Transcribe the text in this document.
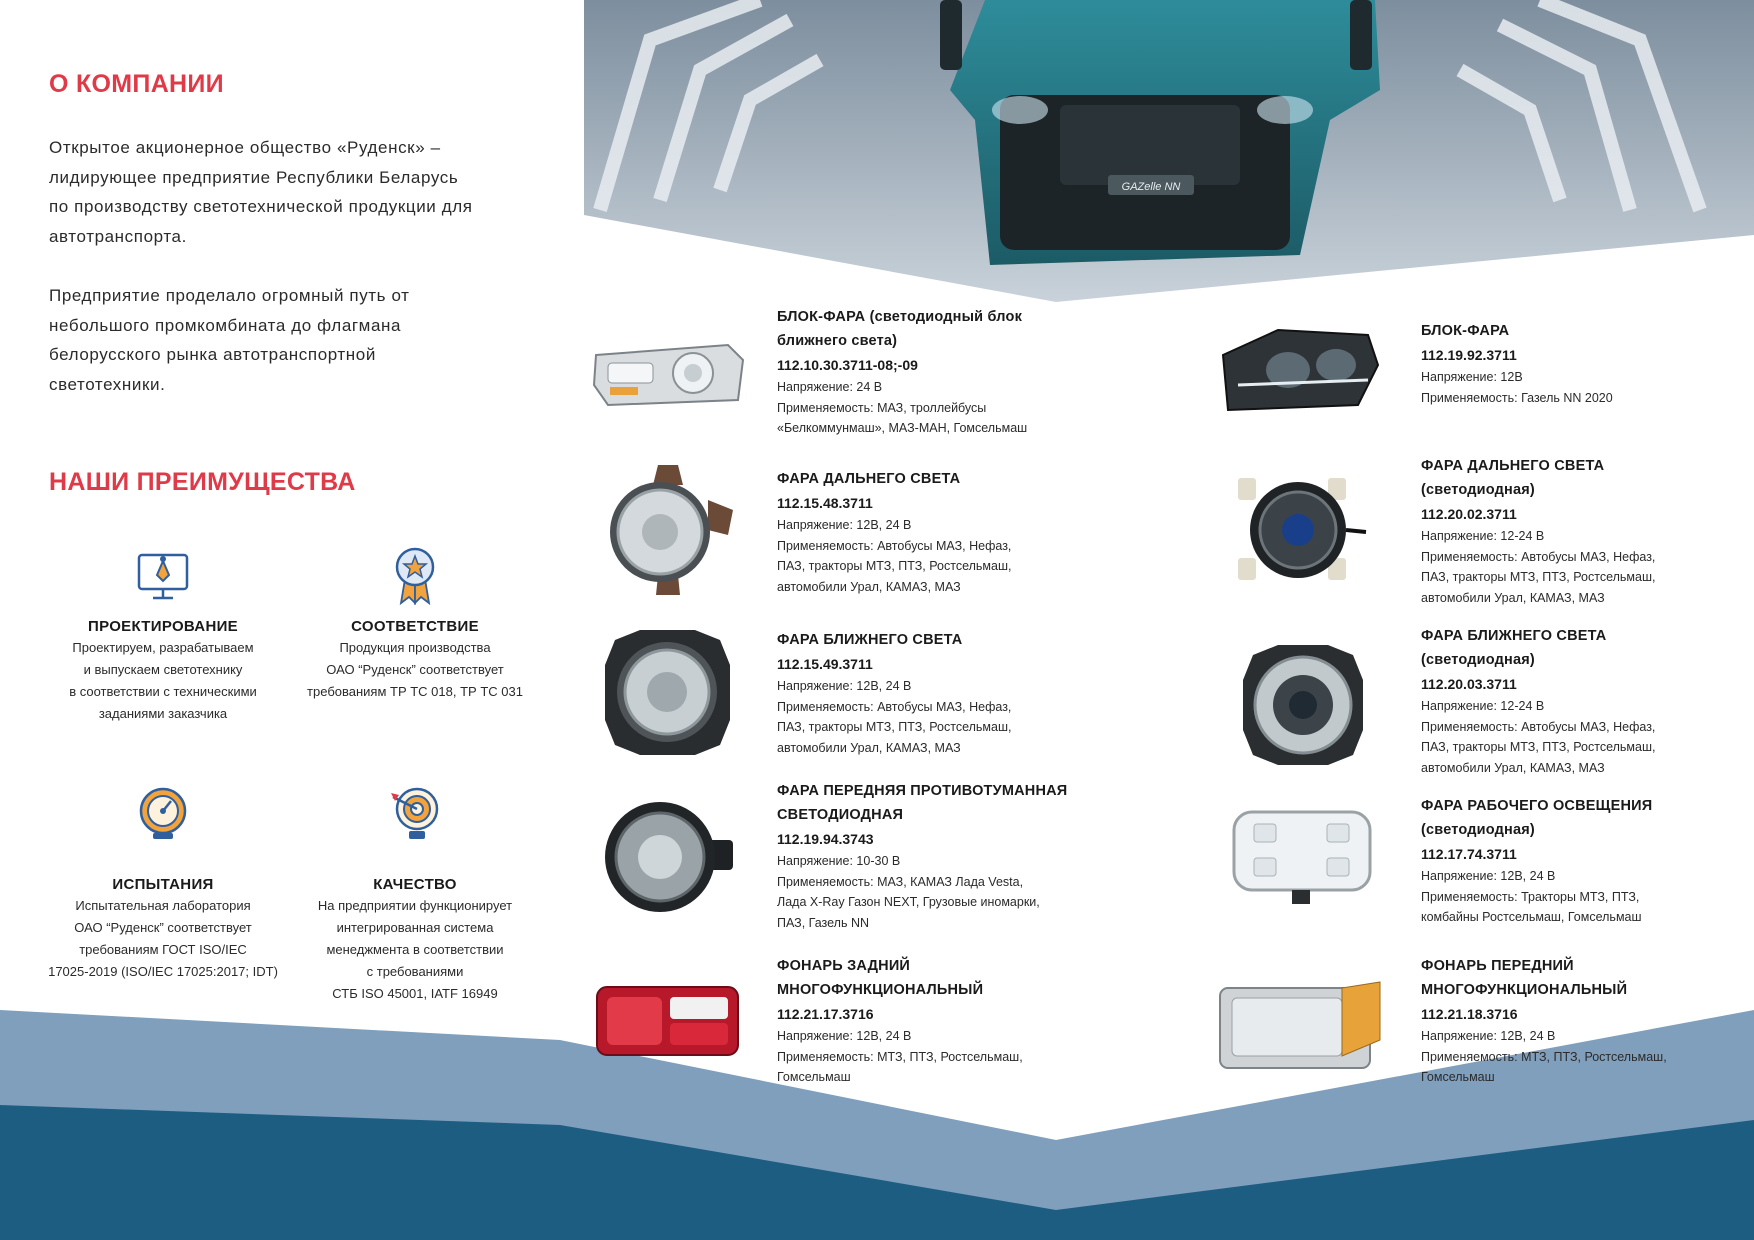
GAZelle NN
О КОМПАНИИ
Открытое акционерное общество «Руденск» –
лидирующее предприятие Республики Беларусь
по производству светотехнической продукции для
автотранспорта.
Предприятие проделало огромный путь от
небольшого промкомбината до флагмана
белорусского рынка автотранспортной
светотехники.
НАШИ ПРЕИМУЩЕСТВА
ПРОЕКТИРОВАНИЕ
Проектируем, разрабатываем
и выпускаем светотехнику
в соответствии с техническими
заданиями заказчика
СООТВЕТСТВИЕ
Продукция производства
ОАО “Руденск” соответствует
требованиям ТР ТС 018, ТР ТС 031
ИСПЫТАНИЯ
Испытательная лаборатория
ОАО “Руденск” соответствует
требованиям ГОСТ ISO/IEC
17025-2019 (ISO/IEC 17025:2017; IDT)
КАЧЕСТВО
На предприятии функционирует
интегрированная система
менеджмента в соответствии
с требованиями
СТБ ISO 45001, IATF 16949
БЛОК-ФАРА (светодиодный блок
ближнего света)
112.10.30.3711-08;-09
Напряжение: 24 В
Применяемость: МАЗ, троллейбусы
«Белкоммунмаш», МАЗ-МАН, Гомсельмаш
ФАРА ДАЛЬНЕГО СВЕТА
112.15.48.3711
Напряжение: 12В, 24 В
Применяемость: Автобусы МАЗ, Нефаз,
ПАЗ, тракторы МТЗ, ПТЗ, Ростсельмаш,
автомобили Урал, КАМАЗ, МАЗ
ФАРА БЛИЖНЕГО СВЕТА
112.15.49.3711
Напряжение: 12В, 24 В
Применяемость: Автобусы МАЗ, Нефаз,
ПАЗ, тракторы МТЗ, ПТЗ, Ростсельмаш,
автомобили Урал, КАМАЗ, МАЗ
ФАРА ПЕРЕДНЯЯ ПРОТИВОТУМАННАЯ
СВЕТОДИОДНАЯ
112.19.94.3743
Напряжение: 10-30 В
Применяемость: МАЗ, КАМАЗ Лада Vesta,
Лада X-Ray Газон NEXT, Грузовые иномарки,
ПАЗ, Газель NN
ФОНАРЬ ЗАДНИЙ
МНОГОФУНКЦИОНАЛЬНЫЙ
112.21.17.3716
Напряжение: 12В, 24 В
Применяемость: МТЗ, ПТЗ, Ростсельмаш,
Гомсельмаш
БЛОК-ФАРА
112.19.92.3711
Напряжение: 12В
Применяемость: Газель NN 2020
ФАРА ДАЛЬНЕГО СВЕТА
(светодиодная)
112.20.02.3711
Напряжение: 12-24 В
Применяемость: Автобусы МАЗ, Нефаз,
ПАЗ, тракторы МТЗ, ПТЗ, Ростсельмаш,
автомобили Урал, КАМАЗ, МАЗ
ФАРА БЛИЖНЕГО СВЕТА
(светодиодная)
112.20.03.3711
Напряжение: 12-24 В
Применяемость: Автобусы МАЗ, Нефаз,
ПАЗ, тракторы МТЗ, ПТЗ, Ростсельмаш,
автомобили Урал, КАМАЗ, МАЗ
ФАРА РАБОЧЕГО ОСВЕЩЕНИЯ
(светодиодная)
112.17.74.3711
Напряжение: 12В, 24 В
Применяемость: Тракторы МТЗ, ПТЗ,
комбайны Ростсельмаш, Гомсельмаш
ФОНАРЬ ПЕРЕДНИЙ
МНОГОФУНКЦИОНАЛЬНЫЙ
112.21.18.3716
Напряжение: 12В, 24 В
Применяемость: МТЗ, ПТЗ, Ростсельмаш,
Гомсельмаш
